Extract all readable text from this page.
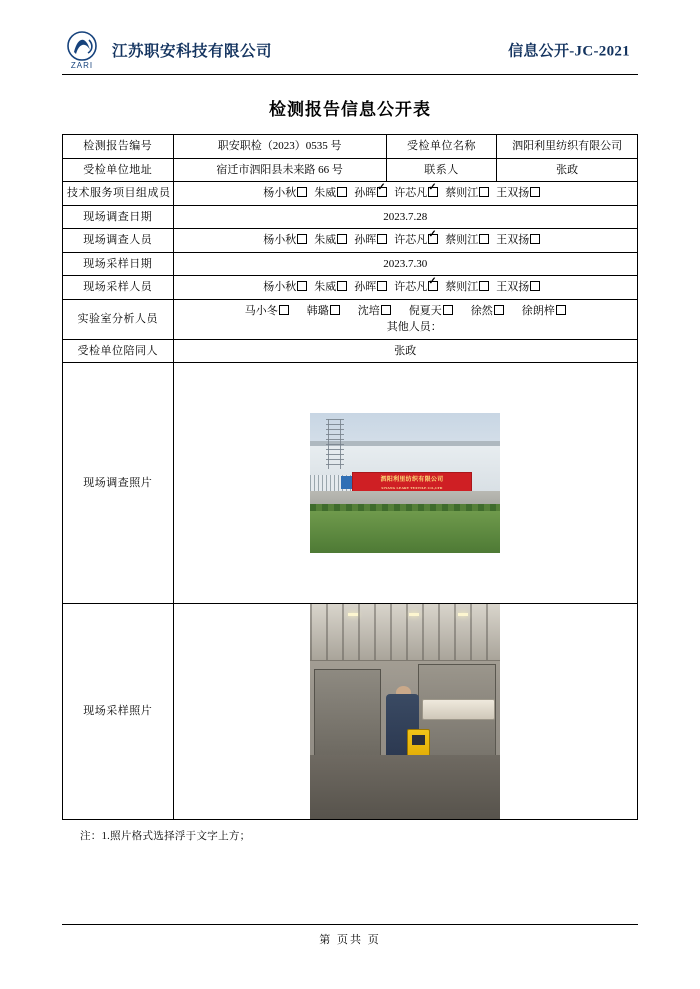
ZARI
江苏职安科技有限公司	信息公开-JC-2021
检测报告信息公开表
检测报告编号	职安职检（2023）0535 号	受检单位名称	泗阳利里纺织有限公司
受检单位地址	宿迁市泗阳县未来路 66 号	联系人	张政
技术服务项目组成员	杨小秋 朱威 孙晖 ✓ 许芯凡 ✓ 蔡则江 王双扬
现场调查日期	2023.7.28		
现场调查人员	杨小秋 朱威 孙晖 许芯凡 ✓ 蔡则江 王双扬
现场采样日期	2023.7.30		
现场采样人员	杨小秋 朱威 孙晖 许芯凡 ✓ 蔡则江 王双扬
实验室分析人员	马小冬 韩璐 沈培 倪夏天 徐然 徐朗梓
其他人员：		

受检单位陪同人	张政		
现场调查照片	泗阳利里纺织有限公司
SIYANG LEARY TEXTILE CO.,LTD		

现场采样照片			
注：1.照片格式选择浮于文字上方；
第 页共 页
